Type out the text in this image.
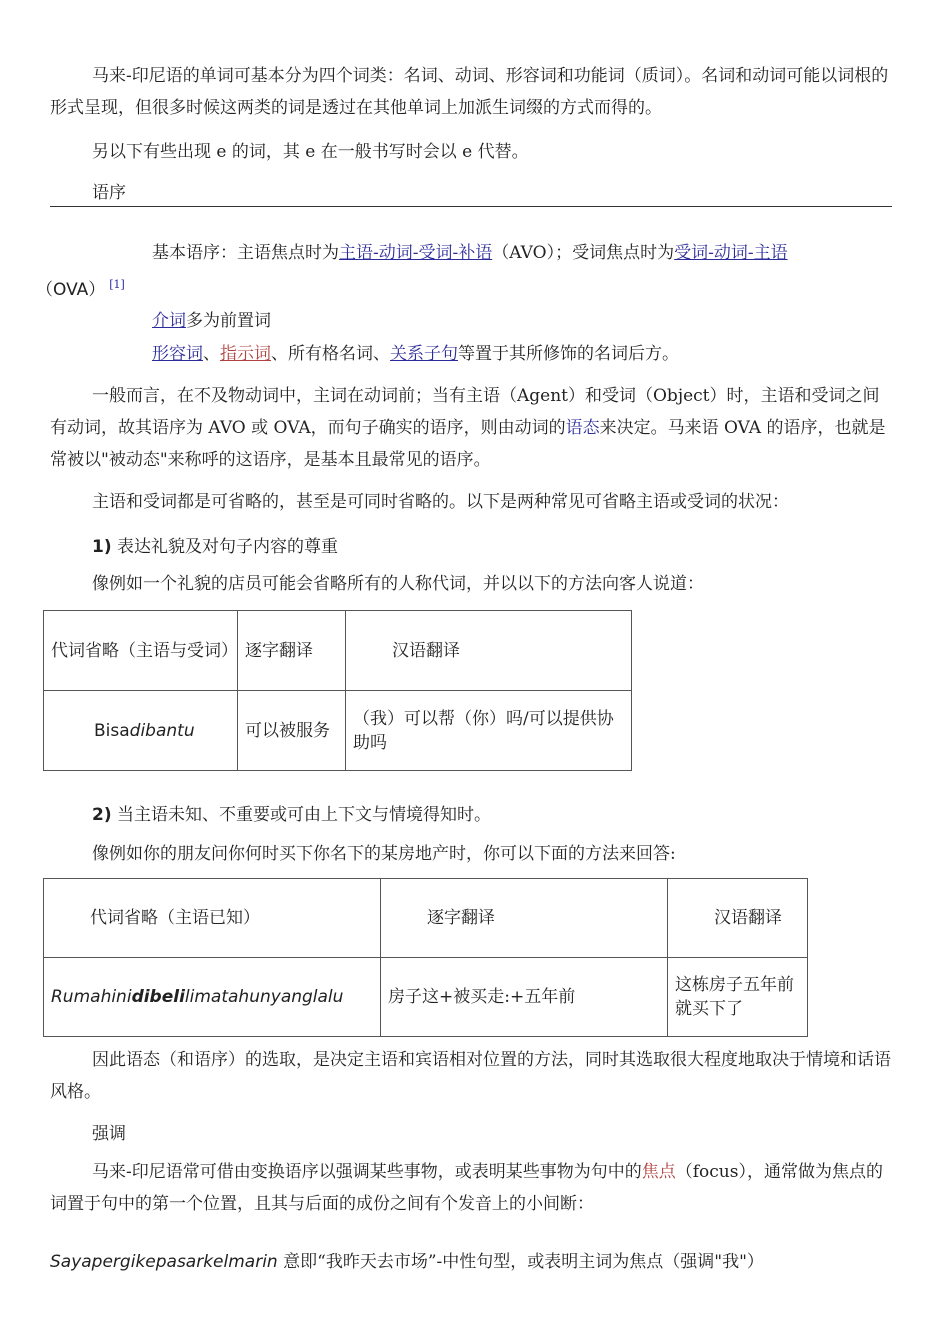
马来-印尼语的单词可基本分为四个词类：名词、动词、形容词和功能词（质词）。名词和动词可能以词根的形式呈现，但很多时候这两类的词是透过在其他单词上加派生词缀的方式而得的。

另以下有些出现 e 的词，其 e 在一般书写时会以 e 代替。

语序

基本语序：主语焦点时为主语-动词-受词-补语（AVO）；受词焦点时为受词-动词-主语
（OVA） [1]

介词多为前置词

形容词、指示词、所有格名词、关系子句等置于其所修饰的名词后方。

一般而言，在不及物动词中，主词在动词前；当有主语（Agent）和受词（Object）时，主语和受词之间有动词，故其语序为 AVO 或 OVA，而句子确实的语序，则由动词的语态来决定。马来语 OVA 的语序，也就是常被以"被动态"来称呼的这语序，是基本且最常见的语序。

主语和受词都是可省略的，甚至是可同时省略的。以下是两种常见可省略主语或受词的状况：

1) 表达礼貌及对句子内容的尊重

像例如一个礼貌的店员可能会省略所有的人称代词，并以以下的方法向客人说道：

代词省略（主语与受词）	逐字翻译	汉语翻译
Bisadibantu	可以被服务	（我）可以帮（你）吗/可以提供协助吗

2) 当主语未知、不重要或可由上下文与情境得知时。

像例如你的朋友问你何时买下你名下的某房地产时，你可以下面的方法来回答:

代词省略（主语已知）	逐字翻译	汉语翻译
Rumahinidibelilimatahunyanglalu	房子这+被买走:+五年前	这栋房子五年前就买下了

因此语态（和语序）的选取，是决定主语和宾语相对位置的方法，同时其选取很大程度地取决于情境和话语风格。

强调

马来-印尼语常可借由变换语序以强调某些事物，或表明某些事物为句中的焦点（focus），通常做为焦点的词置于句中的第一个位置，且其与后面的成份之间有个发音上的小间断：

Sayapergikepasarkelmarin 意即“我昨天去市场”-中性句型，或表明主词为焦点（强调"我"）
